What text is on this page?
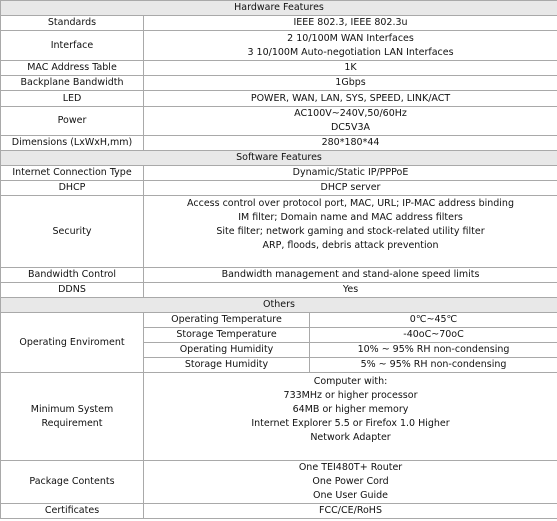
Hardware Features		
Standards	IEEE 802.3, IEEE 802.3u	
Interface	2 10/100M WAN Interfaces
3 10/100M Auto-negotiation LAN Interfaces	

MAC Address Table	1K	
Backplane Bandwidth	1Gbps	
LED	POWER, WAN, LAN, SYS, SPEED, LINK/ACT	
Power	AC100V~240V,50/60Hz
DC5V3A	

Dimensions (LxWxH,mm)	280*180*44	
Software Features		
Internet Connection Type	Dynamic/Static IP/PPPoE	
DHCP	DHCP server	
Security	Access control over protocol port, MAC, URL; IP-MAC address binding
IM filter; Domain name and MAC address filters
Site filter; network gaming and stock-related utility filter
ARP, floods, debris attack prevention	

Bandwidth Control	Bandwidth management and stand-alone speed limits	
DDNS	Yes	
Others		
Operating Enviroment	Operating Temperature	0℃~45℃
	Storage Temperature	-40oC~70oC
	Operating Humidity	10% ~ 95% RH non-condensing
	Storage Humidity	5% ~ 95% RH non-condensing

Minimum System
Requirement	Computer with:
733MHz or higher processor
64MB or higher memory
Internet Explorer 5.5 or Firefox 1.0 Higher
Network Adapter	

Package Contents	One TEI480T+ Router
One Power Cord
One User Guide	

Certificates	FCC/CE/RoHS	
